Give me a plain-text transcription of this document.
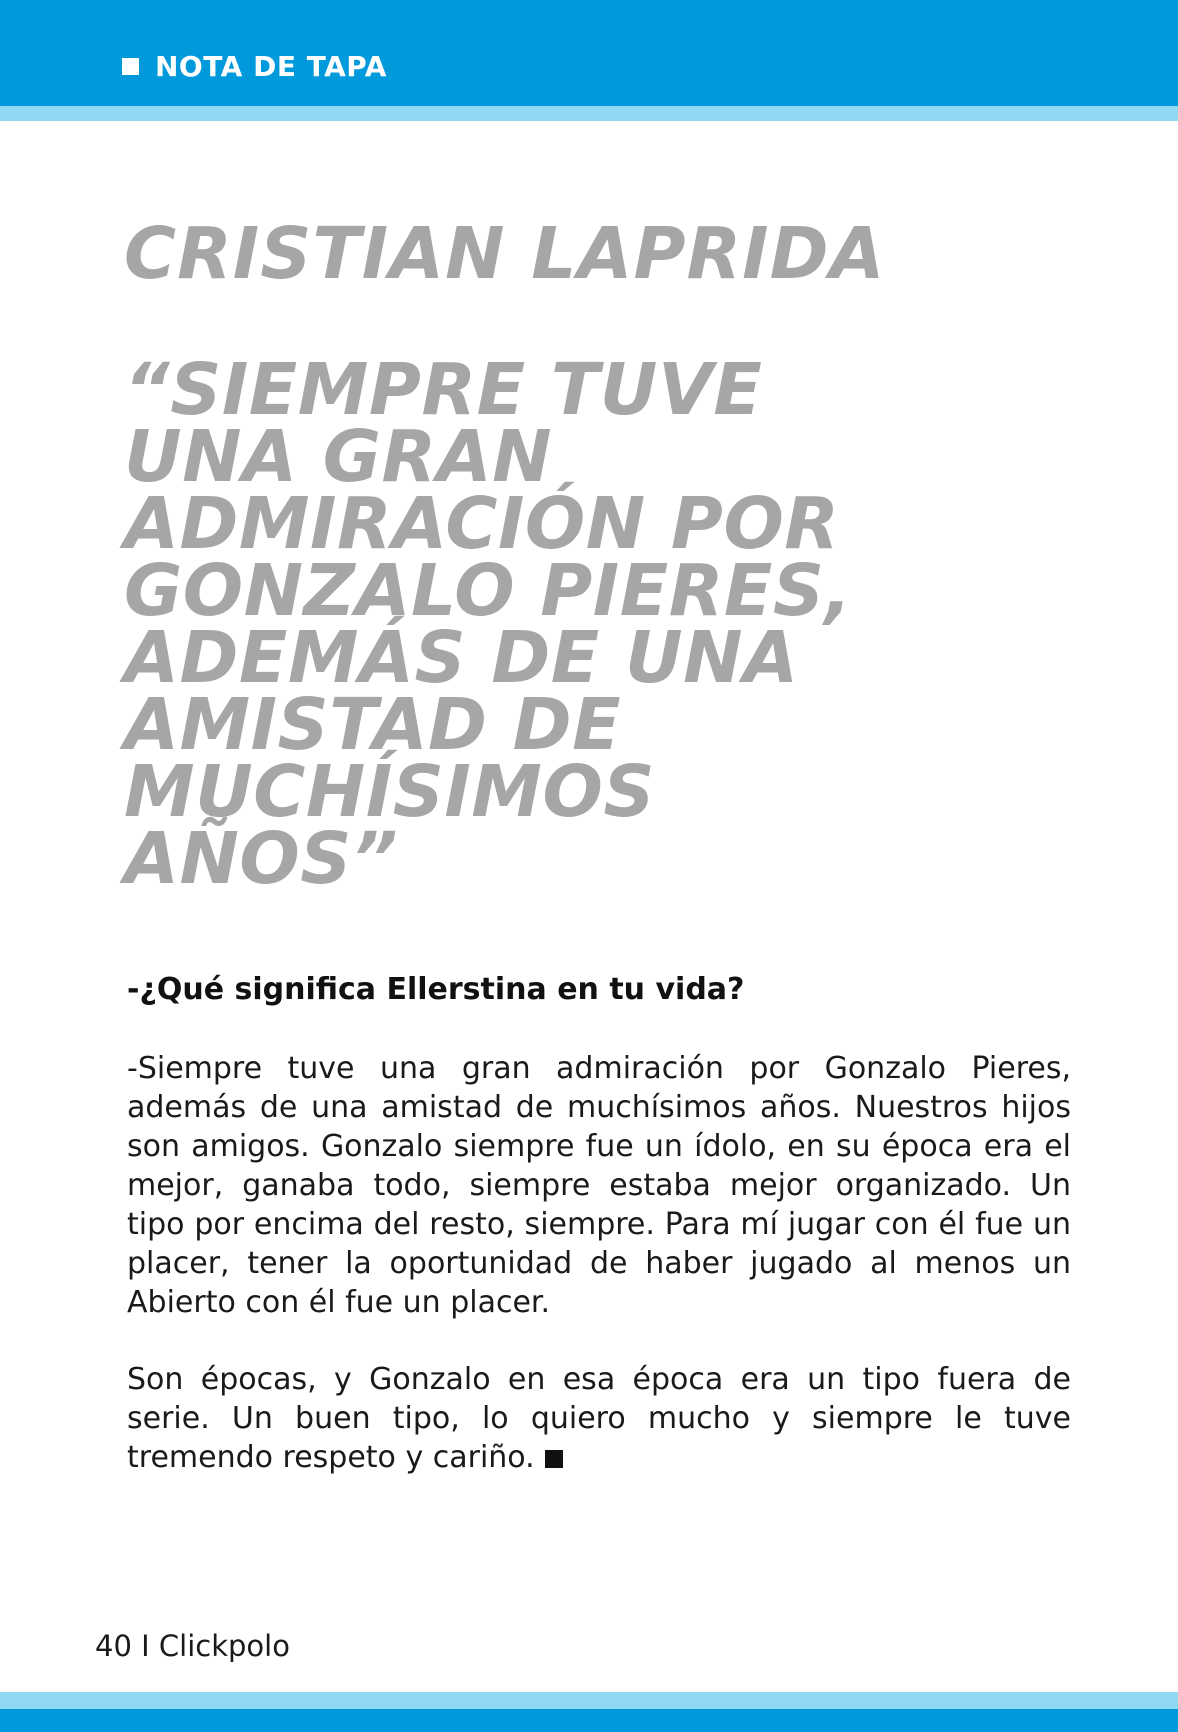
NOTA DE TAPA
CRISTIAN LAPRIDA
“SIEMPRE TUVE
UNA GRAN
ADMIRACIÓN POR
GONZALO PIERES,
ADEMÁS DE UNA
AMISTAD DE
MUCHÍSIMOS
AÑOS”

-¿Qué significa Ellerstina en tu vida?

-Siempre tuve una gran admiración por Gonzalo Pieres, además de una amistad de muchísimos años. Nuestros hijos son amigos. Gonzalo siempre fue un ídolo, en su época era el mejor, ganaba todo, siempre estaba mejor organizado. Un tipo por encima del resto, siempre. Para mí jugar con él fue un placer, tener la oportunidad de haber jugado al menos un Abierto con él fue un placer.

Son épocas, y Gonzalo en esa época era un tipo fuera de serie. Un buen tipo, lo quiero mucho y siempre le tuve tremendo respeto y cariño.

40 I Clickpolo
